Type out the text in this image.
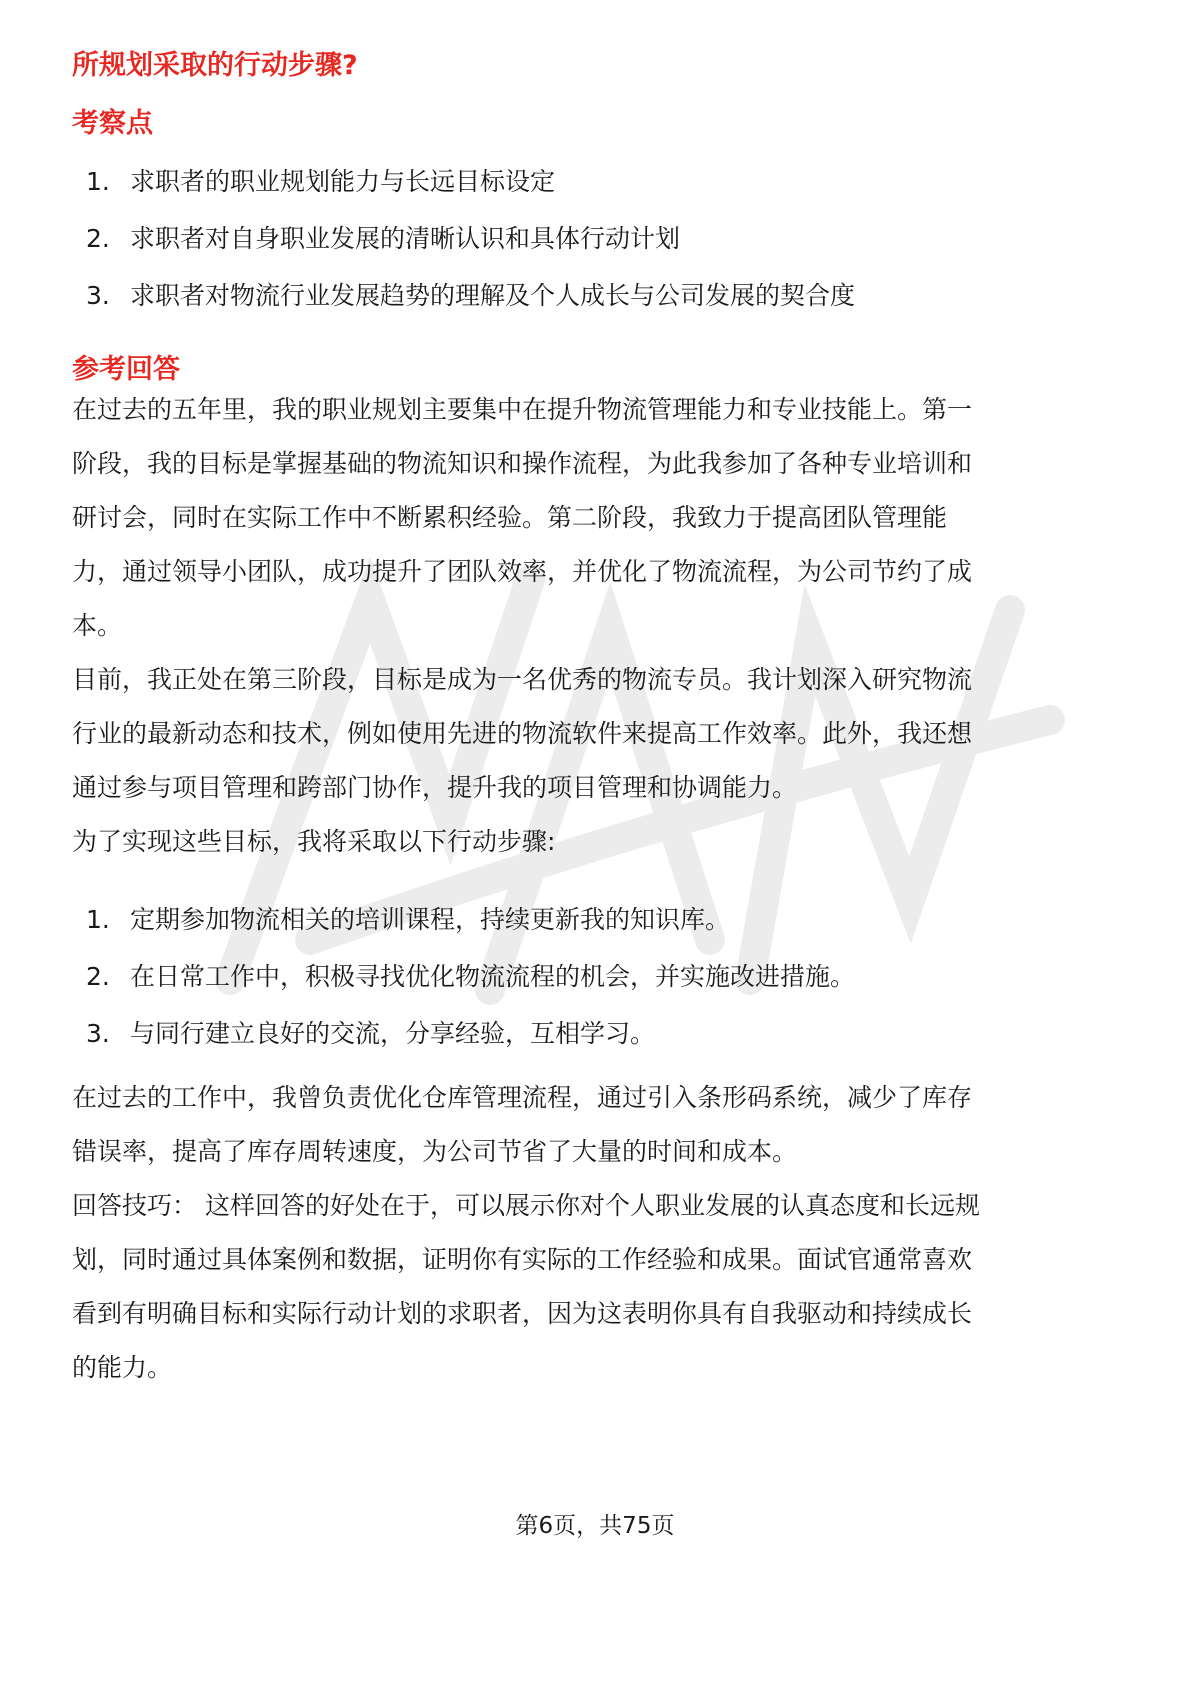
所规划采取的行动步骤?
考察点
1. 求职者的职业规划能力与长远目标设定
2. 求职者对自身职业发展的清晰认识和具体行动计划
3. 求职者对物流行业发展趋势的理解及个人成长与公司发展的契合度
参考回答

在过去的五年里，我的职业规划主要集中在提升物流管理能力和专业技能上。第一
阶段，我的目标是掌握基础的物流知识和操作流程，为此我参加了各种专业培训和
研讨会，同时在实际工作中不断累积经验。第二阶段，我致力于提高团队管理能
力，通过领导小团队，成功提升了团队效率，并优化了物流流程，为公司节约了成
本。

目前，我正处在第三阶段，目标是成为一名优秀的物流专员。我计划深入研究物流
行业的最新动态和技术，例如使用先进的物流软件来提高工作效率。此外，我还想
通过参与项目管理和跨部门协作，提升我的项目管理和协调能力。

为了实现这些目标，我将采取以下行动步骤:

1. 定期参加物流相关的培训课程，持续更新我的知识库。
2. 在日常工作中，积极寻找优化物流流程的机会，并实施改进措施。
3. 与同行建立良好的交流，分享经验，互相学习。

在过去的工作中，我曾负责优化仓库管理流程，通过引入条形码系统，减少了库存
错误率，提高了库存周转速度，为公司节省了大量的时间和成本。

回答技巧： 这样回答的好处在于，可以展示你对个人职业发展的认真态度和长远规
划，同时通过具体案例和数据，证明你有实际的工作经验和成果。面试官通常喜欢
看到有明确目标和实际行动计划的求职者，因为这表明你具有自我驱动和持续成长
的能力。

第6页，共75页
